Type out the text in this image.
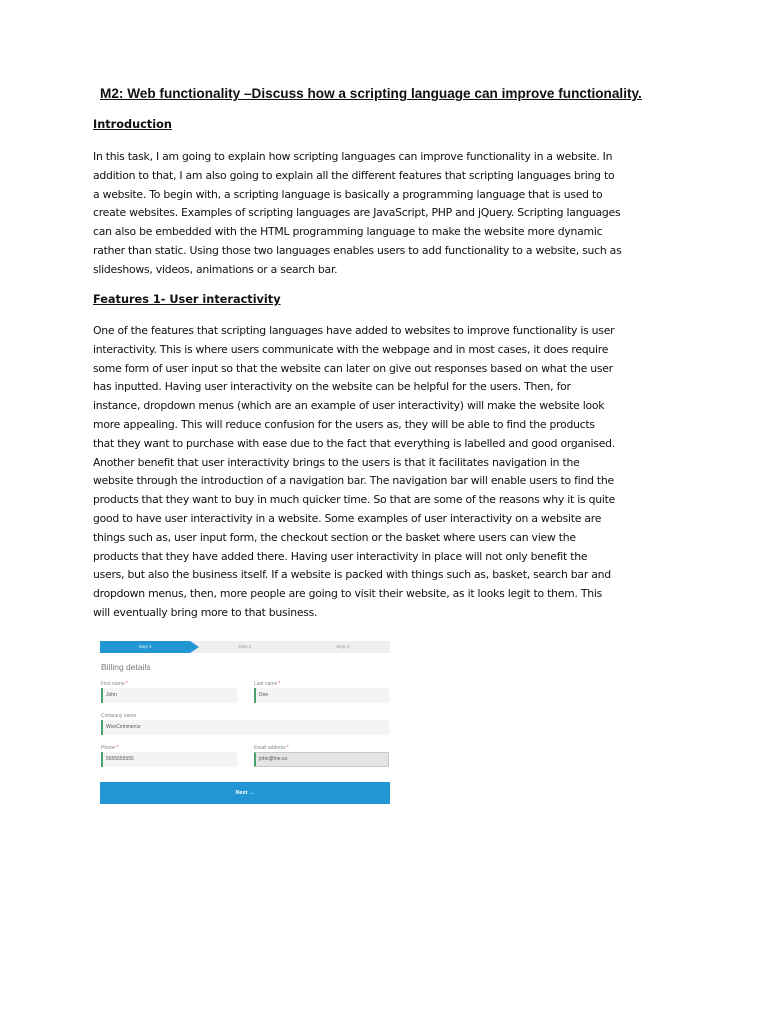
M2: Web functionality –Discuss how a scripting language can improve functionality.
Introduction

In this task, I am going to explain how scripting languages can improve functionality in a website. In
addition to that, I am also going to explain all the different features that scripting languages bring to
a website. To begin with, a scripting language is basically a programming language that is used to
create websites. Examples of scripting languages are JavaScript, PHP and jQuery. Scripting languages
can also be embedded with the HTML programming language to make the website more dynamic
rather than static. Using those two languages enables users to add functionality to a website, such as
slideshows, videos, animations or a search bar.

Features 1- User interactivity

One of the features that scripting languages have added to websites to improve functionality is user
interactivity. This is where users communicate with the webpage and in most cases, it does require
some form of user input so that the website can later on give out responses based on what the user
has inputted. Having user interactivity on the website can be helpful for the users. Then, for
instance, dropdown menus (which are an example of user interactivity) will make the website look
more appealing. This will reduce confusion for the users as, they will be able to find the products
that they want to purchase with ease due to the fact that everything is labelled and good organised.
Another benefit that user interactivity brings to the users is that it facilitates navigation in the
website through the introduction of a navigation bar. The navigation bar will enable users to find the
products that they want to buy in much quicker time. So that are some of the reasons why it is quite
good to have user interactivity in a website. Some examples of user interactivity on a website are
things such as, user input form, the checkout section or the basket where users can view the
products that they have added there. Having user interactivity in place will not only benefit the
users, but also the business itself. If a website is packed with things such as, basket, search bar and
dropdown menus, then, more people are going to visit their website, as it looks legit to them. This
will eventually bring more to that business.

Step 1	Step 2	Step 3
Billing details
First name*
John
Last name*
Doe
Company name
WooCommerce
Phone*
5555555555
Email address*
john@me.co
Next →
